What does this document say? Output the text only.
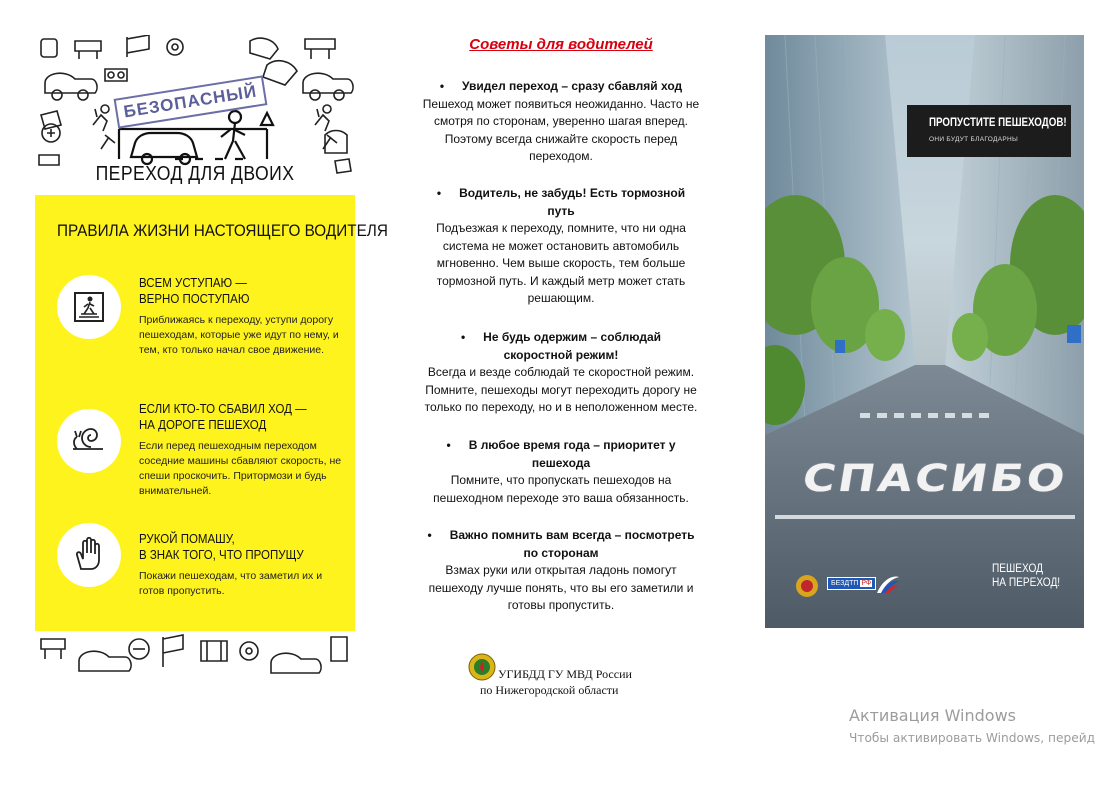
БЕЗОПАСНЫЙ
ПЕРЕХОД ДЛЯ ДВОИХ
ПРАВИЛА ЖИЗНИ НАСТОЯЩЕГО ВОДИТЕЛЯ
ВСЕМ УСТУПАЮ —
ВЕРНО ПОСТУПАЮ
Приближаясь к переходу, уступи дорогу пешеходам, которые уже идут по нему, и тем, кто только начал свое движение.
ЕСЛИ КТО-ТО СБАВИЛ ХОД —
НА ДОРОГЕ ПЕШЕХОД
Если перед пешеходным переходом соседние машины сбавляют скорость, не спеши проскочить. Притормози и будь внимательней.
РУКОЙ ПОМАШУ,
В ЗНАК ТОГО, ЧТО ПРОПУЩУ
Покажи пешеходам, что заметил их и готов пропустить.
Советы для водителей
• Увидел переход – сразу сбавляй ход
Пешеход может появиться неожиданно. Часто не
смотря по сторонам, уверенно шагая вперед.
Поэтому всегда снижайте скорость перед
переходом.
• Водитель, не забудь! Есть тормозной
путь
Подъезжая к переходу, помните, что ни одна
система не может остановить автомобиль
мгновенно. Чем выше скорость, тем больше
тормозной путь. И каждый метр может стать
решающим.
• Не будь одержим – соблюдай
скоростной режим!
Всегда и везде соблюдай те скоростной режим.
Помните, пешеходы могут переходить дорогу не
только по переходу, но и в неположенном месте.
• В любое время года – приоритет у
пешехода
Помните, что пропускать пешеходов на
пешеходном переходе это ваша обязанность.
• Важно помнить вам всегда – посмотреть
по сторонам
Взмах руки или открытая ладонь помогут
пешеходу лучше понять, что вы его заметили и
готовы пропустить.
УГИБДД ГУ МВД России
по Нижегородской области
ПРОПУСТИТЕ ПЕШЕХОДОВ!
ОНИ БУДУТ БЛАГОДАРНЫ
СПАСИБО
БЕЗДТП РФ
ПЕШЕХОД
НА ПЕРЕХОД!
Активация Windows
Чтобы активировать Windows, перейд
